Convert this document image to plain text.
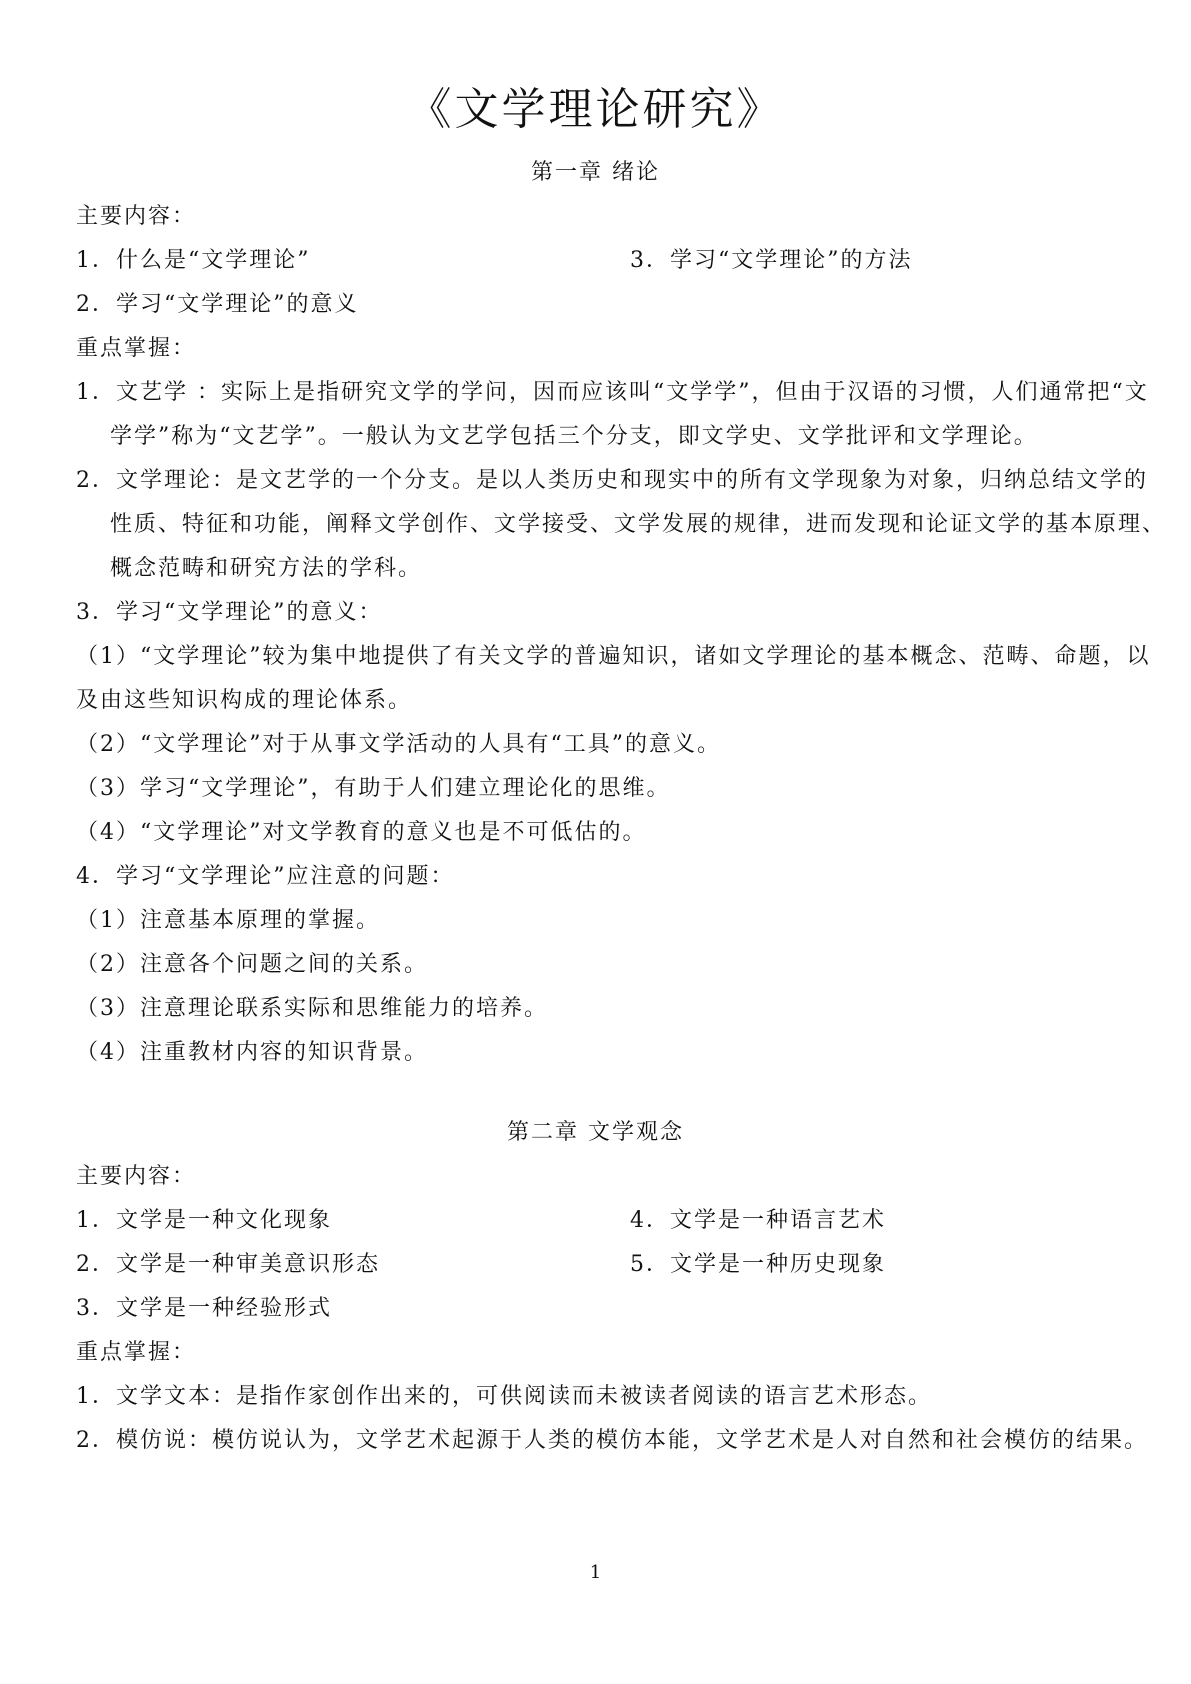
《文学理论研究》
第一章 绪论
主要内容：
1．什么是“文学理论”	3．学习“文学理论”的方法
2．学习“文学理论”的意义
重点掌握：
1．文艺学 ：实际上是指研究文学的学问，因而应该叫“文学学”，但由于汉语的习惯，人们通常把“文
学学”称为“文艺学”。一般认为文艺学包括三个分支，即文学史、文学批评和文学理论。
2．文学理论：是文艺学的一个分支。是以人类历史和现实中的所有文学现象为对象，归纳总结文学的
性质、特征和功能，阐释文学创作、文学接受、文学发展的规律，进而发现和论证文学的基本原理、
概念范畴和研究方法的学科。
3．学习“文学理论”的意义：
（1）“文学理论”较为集中地提供了有关文学的普遍知识，诸如文学理论的基本概念、范畴、命题，以
及由这些知识构成的理论体系。
（2）“文学理论”对于从事文学活动的人具有“工具”的意义。
（3）学习“文学理论”，有助于人们建立理论化的思维。
（4）“文学理论”对文学教育的意义也是不可低估的。
4．学习“文学理论”应注意的问题：
（1）注意基本原理的掌握。
（2）注意各个问题之间的关系。
（3）注意理论联系实际和思维能力的培养。
（4）注重教材内容的知识背景。
第二章 文学观念
主要内容：
1．文学是一种文化现象	4．文学是一种语言艺术
2．文学是一种审美意识形态	5．文学是一种历史现象
3．文学是一种经验形式
重点掌握：
1．文学文本：是指作家创作出来的，可供阅读而未被读者阅读的语言艺术形态。
2．模仿说：模仿说认为，文学艺术起源于人类的模仿本能，文学艺术是人对自然和社会模仿的结果。
1
